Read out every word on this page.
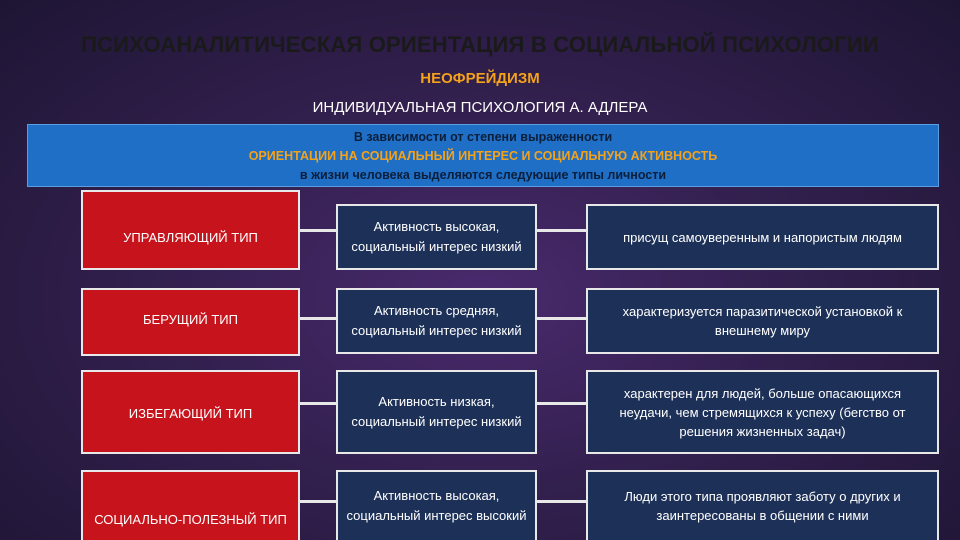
ПСИХОАНАЛИТИЧЕСКАЯ ОРИЕНТАЦИЯ В СОЦИАЛЬНОЙ ПСИХОЛОГИИ
НЕОФРЕЙДИЗМ
ИНДИВИДУАЛЬНАЯ ПСИХОЛОГИЯ А. АДЛЕРА
В зависимости от степени выраженности
ОРИЕНТАЦИИ НА СОЦИАЛЬНЫЙ ИНТЕРЕС И СОЦИАЛЬНУЮ АКТИВНОСТЬ
в жизни человека выделяются следующие типы личности
УПРАВЛЯЮЩИЙ ТИП
Активность высокая, социальный интерес низкий
присущ самоуверенным и напористым людям
БЕРУЩИЙ ТИП
Активность средняя, социальный интерес низкий
характеризуется паразитической установкой к внешнему миру
ИЗБЕГАЮЩИЙ ТИП
Активность низкая, социальный интерес низкий
характерен для людей, больше опасающихся неудачи, чем стремящихся к успеху (бегство от решения жизненных задач)
СОЦИАЛЬНО-ПОЛЕЗНЫЙ ТИП
Активность высокая, социальный интерес высокий
Люди этого типа проявляют заботу о других и заинтересованы в общении с ними
